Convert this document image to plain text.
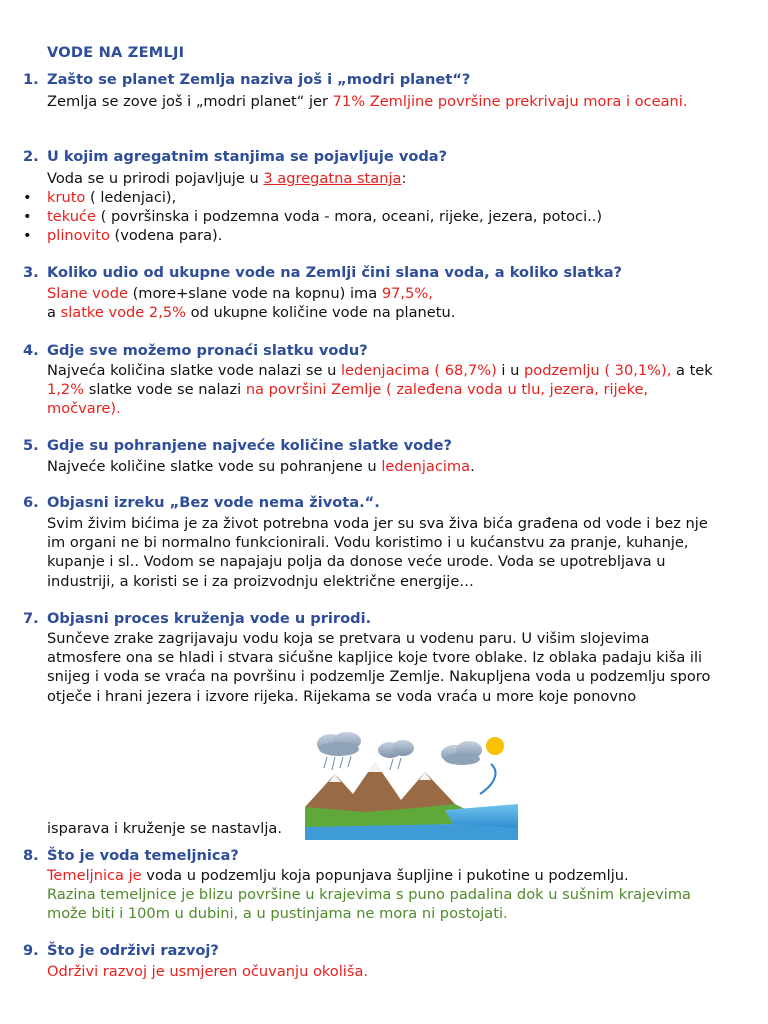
VODE NA ZEMLJI
1. Zašto se planet Zemlja naziva još i „modri planet“?
Zemlja se zove još i „modri planet“ jer 71% Zemljine površine prekrivaju mora i oceani.
2. U kojim agregatnim stanjima se pojavljuje voda?
Voda se u prirodi pojavljuje u 3 agregatna stanja:
• kruto ( ledenjaci),
• tekuće ( površinska i podzemna voda - mora, oceani, rijeke, jezera, potoci..)
• plinovito (vodena para).
3. Koliko udio od ukupne vode na Zemlji čini slana voda, a koliko slatka?
Slane vode (more+slane vode na kopnu) ima 97,5%,
a slatke vode 2,5% od ukupne količine vode na planetu.
4. Gdje sve možemo pronaći slatku vodu?
Najveća količina slatke vode nalazi se u ledenjacima ( 68,7%) i u podzemlju ( 30,1%), a tek 1,2% slatke vode se nalazi na površini Zemlje ( zaleđena voda u tlu, jezera, rijeke, močvare).
5. Gdje su pohranjene najveće količine slatke vode?
Najveće količine slatke vode su pohranjene u ledenjacima.
6. Objasni izreku „Bez vode nema života.“.
Svim živim bićima je za život potrebna voda jer su sva živa bića građena od vode i bez nje im organi ne bi normalno funkcionirali. Vodu koristimo i u kućanstvu za pranje, kuhanje, kupanje i sl.. Vodom se napajaju polja da donose veće urode. Voda se upotrebljava u industriji, a koristi se i za proizvodnju električne energije…
7. Objasni proces kruženja vode u prirodi.
Sunčeve zrake zagrijavaju vodu koja se pretvara u vodenu paru. U višim slojevima atmosfere ona se hladi i stvara sićušne kapljice koje tvore oblake. Iz oblaka padaju kiša ili snijeg i voda se vraća na površinu i podzemlje Zemlje. Nakupljena voda u podzemlju sporo otječe i hrani jezera i izvore rijeka. Rijekama se voda vraća u more koje ponovno
isparava i kruženje se nastavlja.
8. Što je voda temeljnica?
Temeljnica je voda u podzemlju koja popunjava šupljine i pukotine u podzemlju.
Razina temeljnice je blizu površine u krajevima s puno padalina dok u sušnim krajevima može biti i 100m u dubini, a u pustinjama ne mora ni postojati.
9. Što je održivi razvoj?
Održivi razvoj je usmjeren očuvanju okoliša.
